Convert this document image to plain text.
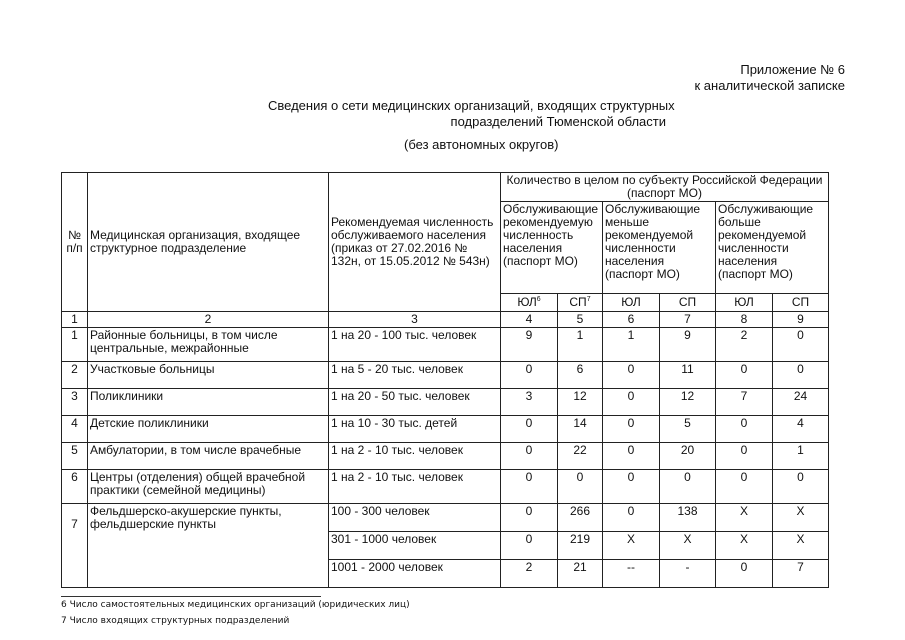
Приложение № 6
к аналитической записке
Сведения о сети медицинских организаций, входящих структурных
подразделений Тюменской области
(без автономных округов)
№ п/п	Медицинская организация, входящее структурное подразделение	Рекомендуемая численность обслуживаемого населения (приказ от 27.02.2016 № 132н, от 15.05.2012 № 543н)	Количество в целом по субъекту Российской Федерации (паспорт МО)					
			Обслуживающие рекомендуемую численность населения (паспорт МО)		Обслуживающие меньше рекомендуемой численности населения (паспорт МО)		Обслуживающие больше рекомендуемой численности населения (паспорт МО)	
			$ЮЛ^6$	$СП^7$	ЮЛ	СП	ЮЛ	СП
1	2	3	4	5	6	7	8	9
1	Районные больницы, в том числе центральные, межрайонные	1 на 20 - 100 тыс. человек	9	1	1	9	2	0
2	Участковые больницы	1 на 5 - 20 тыс. человек	0	6	0	11	0	0
3	Поликлиники	1 на 20 - 50 тыс. человек	3	12	0	12	7	24
4	Детские поликлиники	1 на 10 - 30 тыс. детей	0	14	0	5	0	4
5	Амбулатории, в том числе врачебные	1 на 2 - 10 тыс. человек	0	22	0	20	0	1
6	Центры (отделения) общей врачебной практики (семейной медицины)	1 на 2 - 10 тыс. человек	0	0	0	0	0	0
7	Фельдшерско-акушерские пункты, фельдшерские пункты	100 - 300 человек	0	266	0	138	X	X
		301 - 1000 человек	0	219	X	X	X	X
		1001 - 2000 человек	2	21	--	-	0	7
6 Число самостоятельных медицинских организаций (юридических лиц)
7 Число входящих структурных подразделений
